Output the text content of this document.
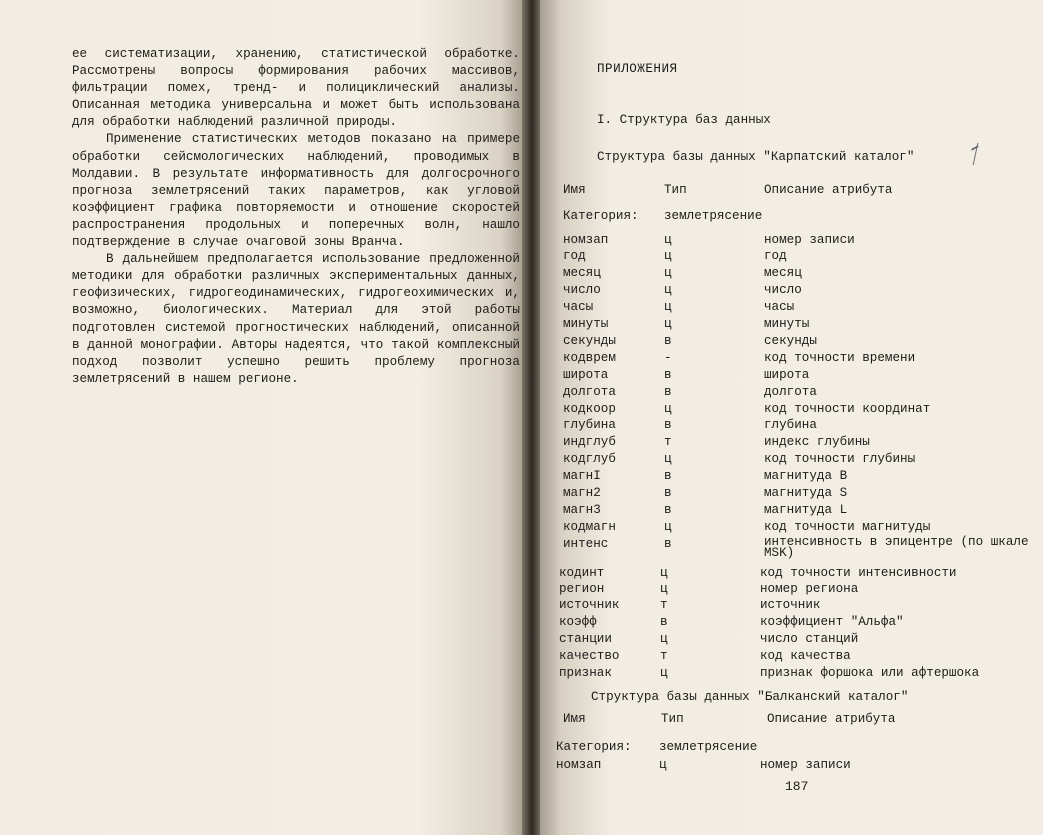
ее систематизации, хранению, статистической обработке. Рассмотрены вопросы формирования рабочих массивов, фильтрации помех, тренд- и полициклический анализы. Описанная методика универсальна и может быть использована для обработки наблюдений различной природы.

Применение статистических методов показано на примере обработки сейсмологических наблюдений, проводимых в Молдавии. В результате информативность для долгосрочного прогноза землетрясений таких параметров, как угловой коэффициент графика повторяемости и отношение скоростей распространения продольных и поперечных волн, нашло подтверждение в случае очаговой зоны Вранча.

В дальнейшем предполагается использование предложенной методики для обработки различных экспериментальных данных, геофизических, гидрогеодинамических, гидрогеохимических и, возможно, биологических. Материал для этой работы подготовлен системой прогностических наблюдений, описанной в данной монографии. Авторы надеятся, что такой комплексный подход позволит успешно решить проблему прогноза землетрясений в нашем регионе.

ПРИЛОЖЕНИЯ
I. Структура баз данных
Структура базы данных "Карпатский каталог"
Имя	Тип	Описание атрибута
Категория: землетрясение
номзап	ц	номер записи
год	ц	год
месяц	ц	месяц
число	ц	число
часы	ц	часы
минуты	ц	минуты
секунды	в	секунды
кодврем	-	код точности времени
широта	в	широта
долгота	в	долгота
кодкоор	ц	код точности координат
глубина	в	глубина
индглуб	т	индекс глубины
кодглуб	ц	код точности глубины
магнI	в	магнитуда В
магн2	в	магнитуда S
магн3	в	магнитуда L
кодмагн	ц	код точности магнитуды
интенс	в	интенсивность в эпицентре (по шкале MSK)
кодинт	ц	код точности интенсивности
регион	ц	номер региона
источник	т	источник
коэфф	в	коэффициент "Альфа"
станции	ц	число станций
качество	т	код качества
признак	ц	признак форшока или афтершока
Структура базы данных "Балканский каталог"
Имя	Тип	Описание атрибута
Категория: землетрясение
номзап	ц	номер записи
187
